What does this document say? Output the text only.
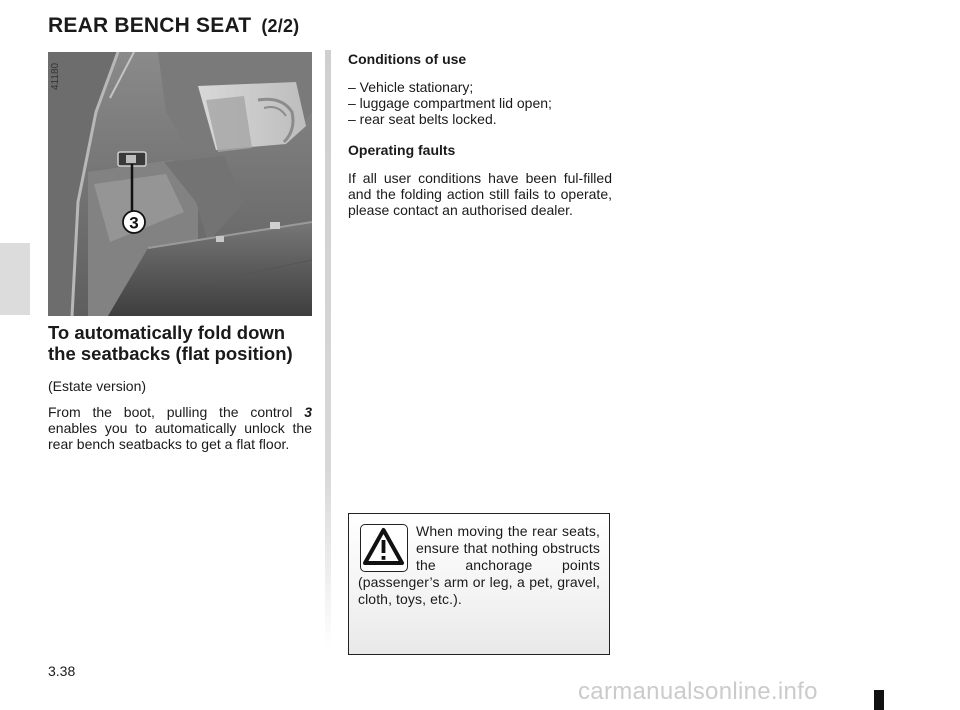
REAR BENCH SEAT (2/2)
3
41180
To automatically fold down
the seatbacks (flat position)

(Estate version)

From the boot, pulling the control 3 enables you to automatically unlock the rear bench seatbacks to get a flat floor.

Conditions of use
– Vehicle stationary;
– luggage compartment lid open;
– rear seat belts locked.
Operating faults

If all user conditions have been ful-filled and the folding action still fails to operate, please contact an authorised dealer.

When moving the rear seats, ensure that nothing obstructs the anchorage points (passenger’s arm or leg, a pet, gravel, cloth, toys, etc.).

3.38
carmanualsonline.info
